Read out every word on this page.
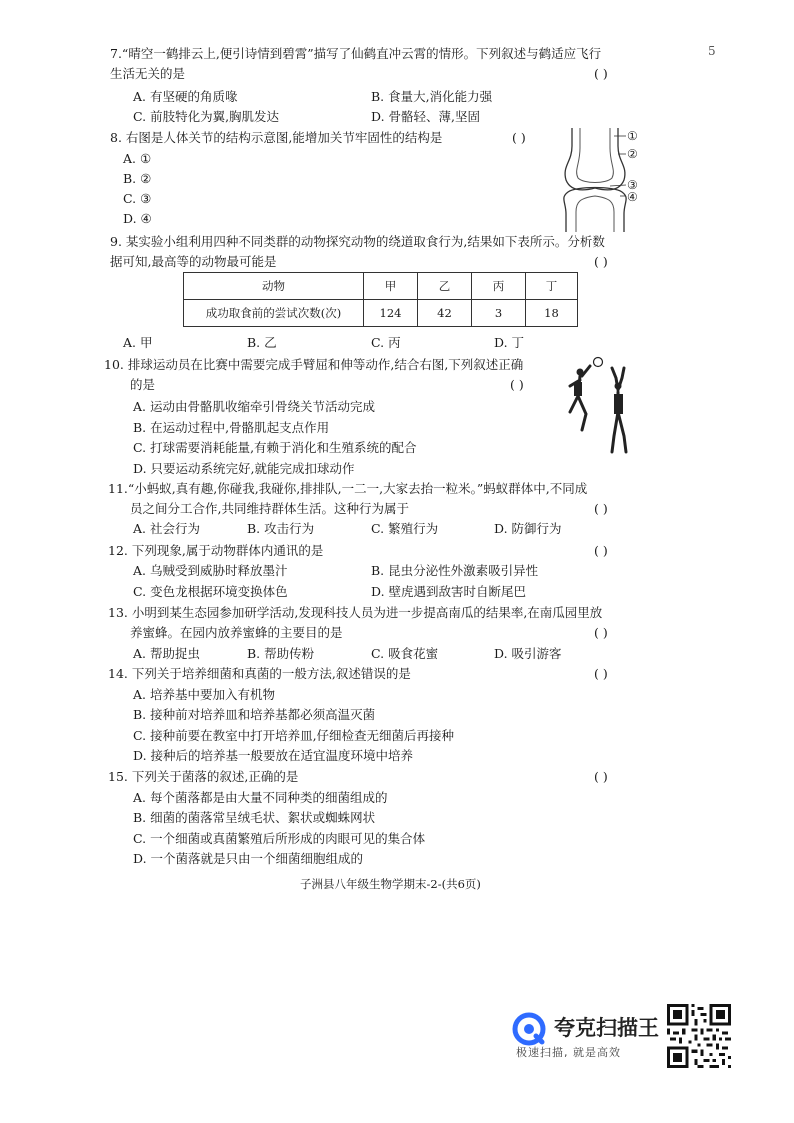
5
7.“晴空一鹤排云上,便引诗情到碧霄”描写了仙鹤直冲云霄的情形。下列叙述与鹤适应飞行
生活无关的是	( )
A. 有坚硬的角质喙	B. 食量大,消化能力强
C. 前肢特化为翼,胸肌发达	D. 骨骼轻、薄,坚固
8. 右图是人体关节的结构示意图,能增加关节牢固性的结构是	( )
A. ①
B. ②
C. ③
D. ④
①
②
③
④
9. 某实验小组利用四种不同类群的动物探究动物的绕道取食行为,结果如下表所示。分析数
据可知,最高等的动物最可能是	( )
动物	甲	乙	丙	丁
成功取食前的尝试次数(次)	124	42	3	18
A. 甲	B. 乙	C. 丙	D. 丁
10. 排球运动员在比赛中需要完成手臂屈和伸等动作,结合右图,下列叙述正确
的是	( )
A. 运动由骨骼肌收缩牵引骨绕关节活动完成
B. 在运动过程中,骨骼肌起支点作用
C. 打球需要消耗能量,有赖于消化和生殖系统的配合
D. 只要运动系统完好,就能完成扣球动作
11.“小蚂蚁,真有趣,你碰我,我碰你,排排队,一二一,大家去抬一粒米。”蚂蚁群体中,不同成
员之间分工合作,共同维持群体生活。这种行为属于	( )
A. 社会行为	B. 攻击行为	C. 繁殖行为	D. 防御行为
12. 下列现象,属于动物群体内通讯的是	( )
A. 乌贼受到威胁时释放墨汁	B. 昆虫分泌性外激素吸引异性
C. 变色龙根据环境变换体色	D. 壁虎遇到敌害时自断尾巴
13. 小明到某生态园参加研学活动,发现科技人员为进一步提高南瓜的结果率,在南瓜园里放
养蜜蜂。在园内放养蜜蜂的主要目的是	( )
A. 帮助捉虫	B. 帮助传粉	C. 吸食花蜜	D. 吸引游客
14. 下列关于培养细菌和真菌的一般方法,叙述错误的是	( )
A. 培养基中要加入有机物
B. 接种前对培养皿和培养基都必须高温灭菌
C. 接种前要在教室中打开培养皿,仔细检查无细菌后再接种
D. 接种后的培养基一般要放在适宜温度环境中培养
15. 下列关于菌落的叙述,正确的是	( )
A. 每个菌落都是由大量不同种类的细菌组成的
B. 细菌的菌落常呈绒毛状、絮状或蜘蛛网状
C. 一个细菌或真菌繁殖后所形成的肉眼可见的集合体
D. 一个菌落就是只由一个细菌细胞组成的
子洲县八年级生物学期末-2-(共6页)
夸克扫描王
极速扫描, 就是高效
